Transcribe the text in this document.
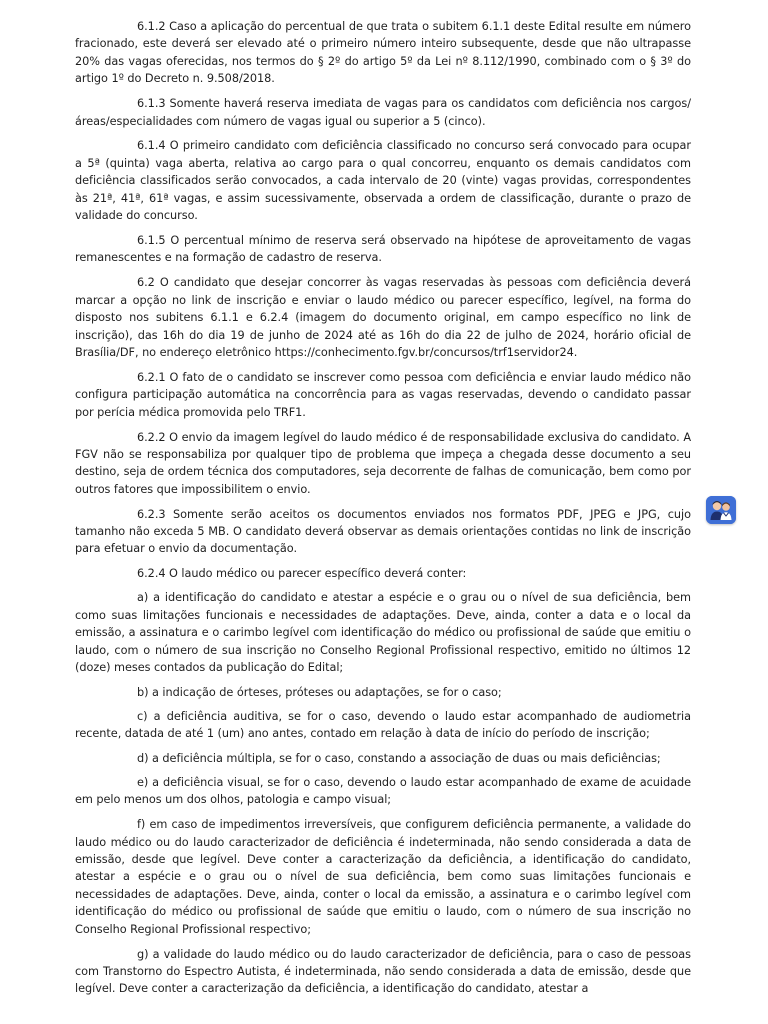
6.1.2 Caso a aplicação do percentual de que trata o subitem 6.1.1 deste Edital resulte em número fracionado, este deverá ser elevado até o primeiro número inteiro subsequente, desde que não ultrapasse 20% das vagas oferecidas, nos termos do § 2º do artigo 5º da Lei nº 8.112/1990, combinado com o § 3º do artigo 1º do Decreto n. 9.508/2018.

6.1.3 Somente haverá reserva imediata de vagas para os candidatos com deficiência nos cargos/áreas/especialidades com número de vagas igual ou superior a 5 (cinco).

6.1.4 O primeiro candidato com deficiência classificado no concurso será convocado para ocupar a 5ª (quinta) vaga aberta, relativa ao cargo para o qual concorreu, enquanto os demais candidatos com deficiência classificados serão convocados, a cada intervalo de 20 (vinte) vagas providas, correspondentes às 21ª, 41ª, 61ª vagas, e assim sucessivamente, observada a ordem de classificação, durante o prazo de validade do concurso.

6.1.5 O percentual mínimo de reserva será observado na hipótese de aproveitamento de vagas remanescentes e na formação de cadastro de reserva.

6.2 O candidato que desejar concorrer às vagas reservadas às pessoas com deficiência deverá marcar a opção no link de inscrição e enviar o laudo médico ou parecer específico, legível, na forma do disposto nos subitens 6.1.1 e 6.2.4 (imagem do documento original, em campo específico no link de inscrição), das 16h do dia 19 de junho de 2024 até as 16h do dia 22 de julho de 2024, horário oficial de Brasília/DF, no endereço eletrônico https://conhecimento.fgv.br/concursos/trf1servidor24.

6.2.1 O fato de o candidato se inscrever como pessoa com deficiência e enviar laudo médico não configura participação automática na concorrência para as vagas reservadas, devendo o candidato passar por perícia médica promovida pelo TRF1.

6.2.2 O envio da imagem legível do laudo médico é de responsabilidade exclusiva do candidato. A FGV não se responsabiliza por qualquer tipo de problema que impeça a chegada desse documento a seu destino, seja de ordem técnica dos computadores, seja decorrente de falhas de comunicação, bem como por outros fatores que impossibilitem o envio.

6.2.3 Somente serão aceitos os documentos enviados nos formatos PDF, JPEG e JPG, cujo tamanho não exceda 5 MB. O candidato deverá observar as demais orientações contidas no link de inscrição para efetuar o envio da documentação.

6.2.4 O laudo médico ou parecer específico deverá conter:

a) a identificação do candidato e atestar a espécie e o grau ou o nível de sua deficiência, bem como suas limitações funcionais e necessidades de adaptações. Deve, ainda, conter a data e o local da emissão, a assinatura e o carimbo legível com identificação do médico ou profissional de saúde que emitiu o laudo, com o número de sua inscrição no Conselho Regional Profissional respectivo, emitido no últimos 12 (doze) meses contados da publicação do Edital;

b) a indicação de órteses, próteses ou adaptações, se for o caso;

c) a deficiência auditiva, se for o caso, devendo o laudo estar acompanhado de audiometria recente, datada de até 1 (um) ano antes, contado em relação à data de início do período de inscrição;

d) a deficiência múltipla, se for o caso, constando a associação de duas ou mais deficiências;

e) a deficiência visual, se for o caso, devendo o laudo estar acompanhado de exame de acuidade em pelo menos um dos olhos, patologia e campo visual;

f) em caso de impedimentos irreversíveis, que configurem deficiência permanente, a validade do laudo médico ou do laudo caracterizador de deficiência é indeterminada, não sendo considerada a data de emissão, desde que legível. Deve conter a caracterização da deficiência, a identificação do candidato, atestar a espécie e o grau ou o nível de sua deficiência, bem como suas limitações funcionais e necessidades de adaptações. Deve, ainda, conter o local da emissão, a assinatura e o carimbo legível com identificação do médico ou profissional de saúde que emitiu o laudo, com o número de sua inscrição no Conselho Regional Profissional respectivo;

g) a validade do laudo médico ou do laudo caracterizador de deficiência, para o caso de pessoas com Transtorno do Espectro Autista, é indeterminada, não sendo considerada a data de emissão, desde que legível. Deve conter a caracterização da deficiência, a identificação do candidato, atestar a
